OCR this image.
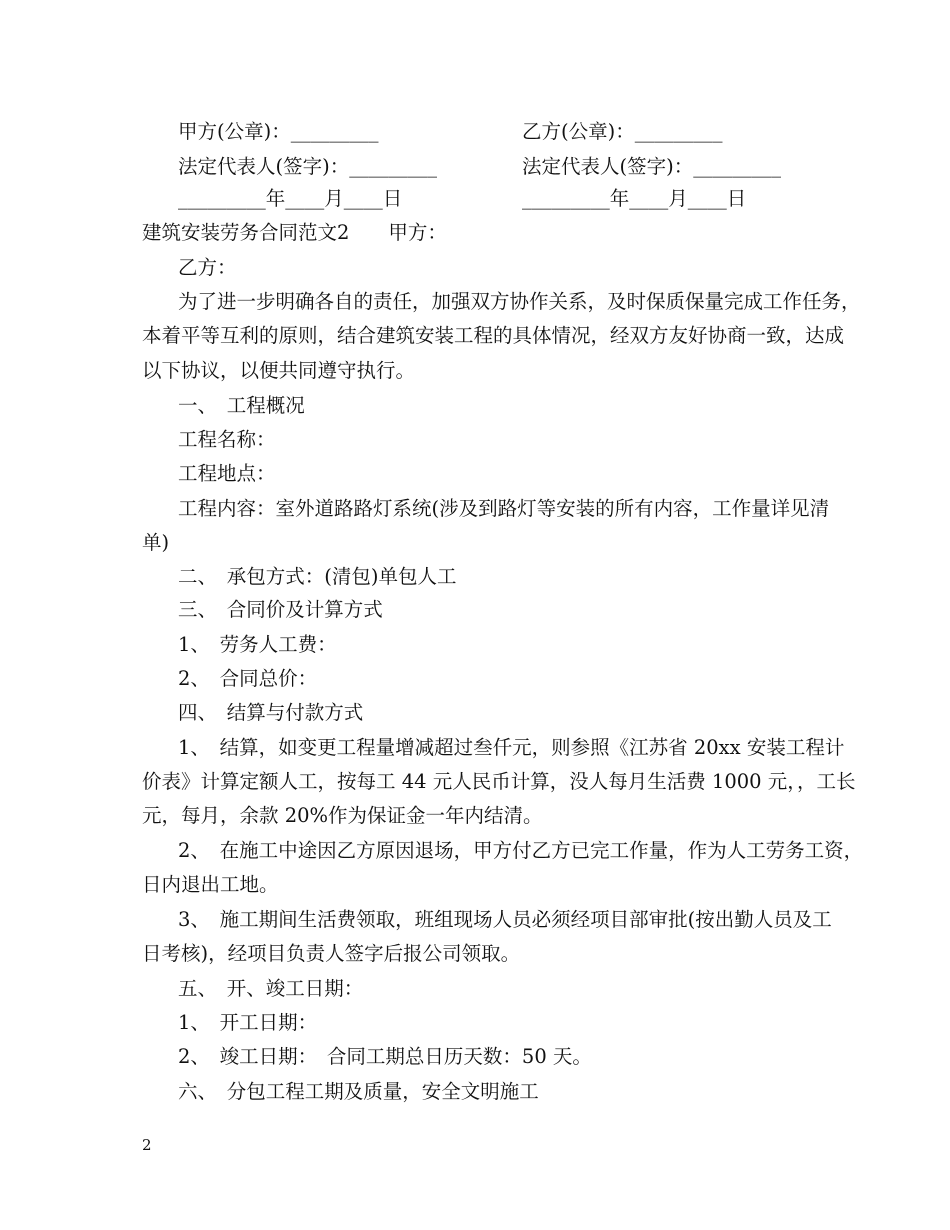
甲方(公章)：_________	乙方(公章)：_________
法定代表人(签字)：_________	法定代表人(签字)：_________
_________年____月____日	_________年____月____日
建筑安装劳务合同范文2　　甲方：
乙方：
为了进一步明确各自的责任，加强双方协作关系，及时保质保量完成工作任务，
本着平等互利的原则，结合建筑安装工程的具体情况，经双方友好协商一致，达成
以下协议，以便共同遵守执行。
一、　工程概况
工程名称：
工程地点：
工程内容：室外道路路灯系统(涉及到路灯等安装的所有内容，工作量详见清
单)
二、　承包方式：(清包)单包人工
三、　合同价及计算方式
1、　劳务人工费：
2、　合同总价：
四、　结算与付款方式
1、　结算，如变更工程量增减超过叁仟元，则参照《江苏省 20xx 安装工程计
价表》计算定额人工，按每工 44 元人民币计算，没人每月生活费 1000 元，，工长
元，每月，余款 20%作为保证金一年内结清。
2、　在施工中途因乙方原因退场，甲方付乙方已完工作量，作为人工劳务工资，
日内退出工地。
3、　施工期间生活费领取，班组现场人员必须经项目部审批(按出勤人员及工
日考核)，经项目负责人签字后报公司领取。
五、　开、竣工日期：
1、　开工日期：
2、　竣工日期：　合同工期总日历天数：50 天。
六、　分包工程工期及质量，安全文明施工
2
